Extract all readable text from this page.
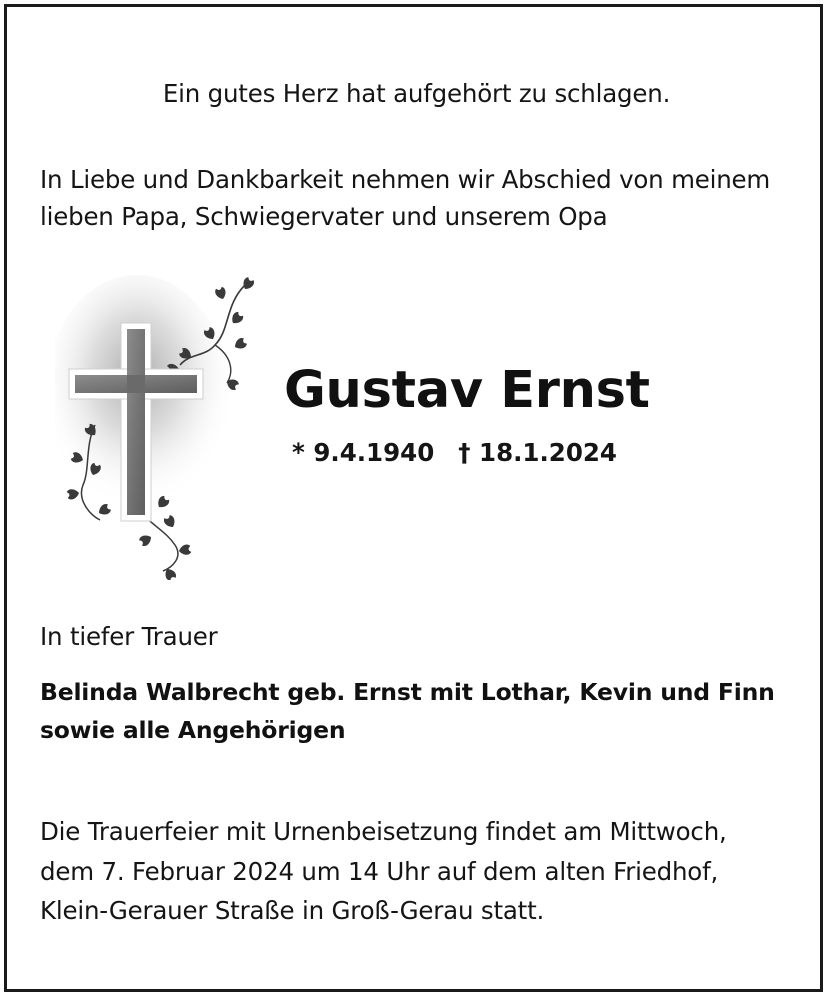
Ein gutes Herz hat aufgehört zu schlagen.

In Liebe und Dankbarkeit nehmen wir Abschied von meinem

lieben Papa, Schwiegervater und unserem Opa

Gustav Ernst

* 9.4.1940 † 18.1.2024

In tiefer Trauer

Belinda Walbrecht geb. Ernst mit Lothar, Kevin und Finn

sowie alle Angehörigen

Die Trauerfeier mit Urnenbeisetzung findet am Mittwoch,

dem 7. Februar 2024 um 14 Uhr auf dem alten Friedhof,

Klein-Gerauer Straße in Groß-Gerau statt.
